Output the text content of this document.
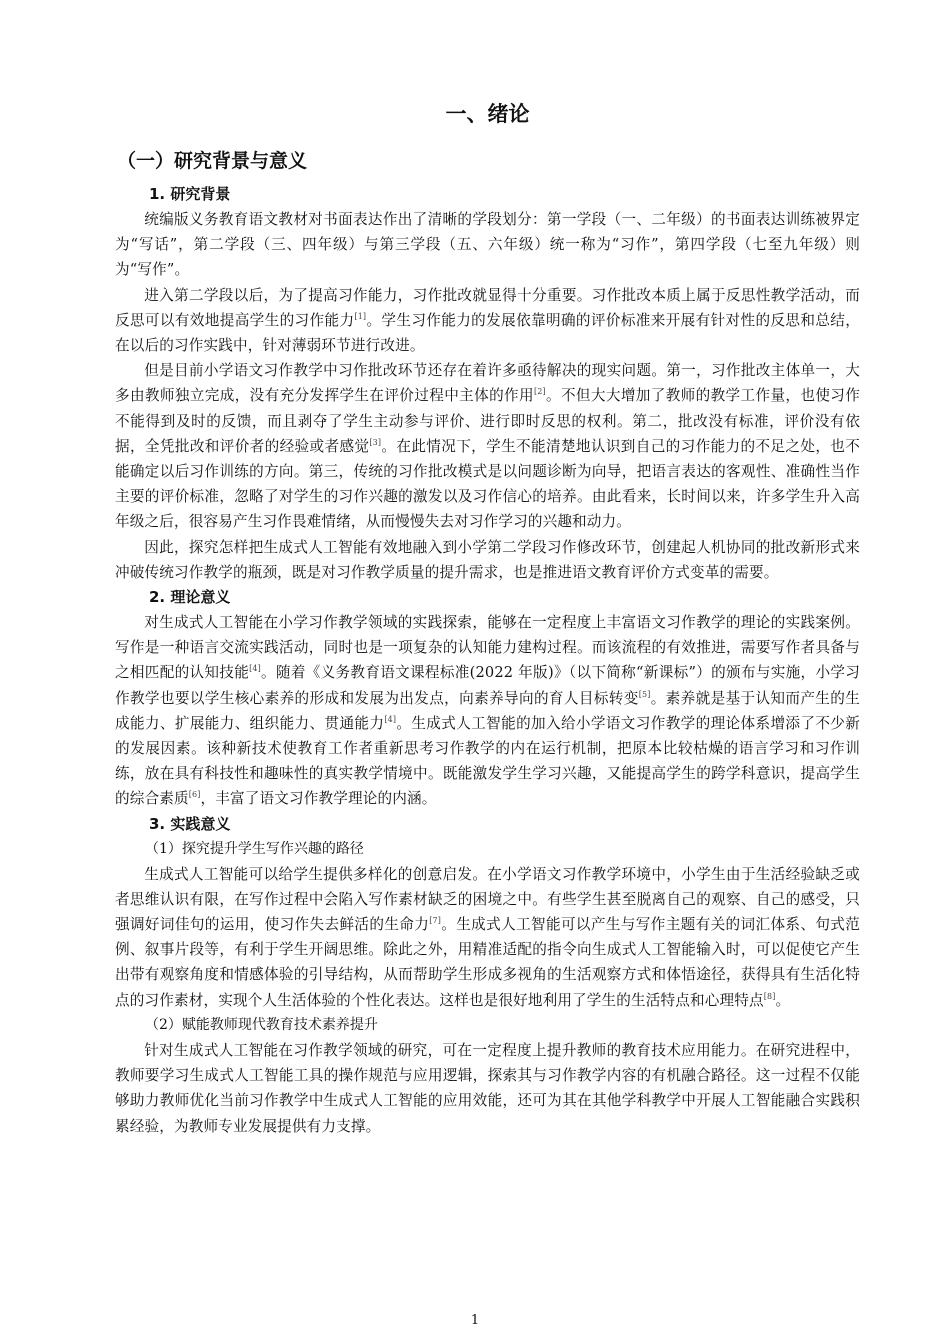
一、绪论
（一）研究背景与意义
1. 研究背景

统编版义务教育语文教材对书面表达作出了清晰的学段划分：第一学段（一、二年级）的书面表达训练被界定为“写话”，第二学段（三、四年级）与第三学段（五、六年级）统一称为“习作”，第四学段（七至九年级）则为“写作”。

进入第二学段以后，为了提高习作能力，习作批改就显得十分重要。习作批改本质上属于反思性教学活动，而反思可以有效地提高学生的习作能力[1]。学生习作能力的发展依靠明确的评价标准来开展有针对性的反思和总结，在以后的习作实践中，针对薄弱环节进行改进。

但是目前小学语文习作教学中习作批改环节还存在着许多亟待解决的现实问题。第一，习作批改主体单一，大多由教师独立完成，没有充分发挥学生在评价过程中主体的作用[2]。不但大大增加了教师的教学工作量，也使习作不能得到及时的反馈，而且剥夺了学生主动参与评价、进行即时反思的权利。第二，批改没有标准，评价没有依据，全凭批改和评价者的经验或者感觉[3]。在此情况下，学生不能清楚地认识到自己的习作能力的不足之处，也不能确定以后习作训练的方向。第三，传统的习作批改模式是以问题诊断为向导，把语言表达的客观性、准确性当作主要的评价标准，忽略了对学生的习作兴趣的激发以及习作信心的培养。由此看来，长时间以来，许多学生升入高年级之后，很容易产生习作畏难情绪，从而慢慢失去对习作学习的兴趣和动力。

因此，探究怎样把生成式人工智能有效地融入到小学第二学段习作修改环节，创建起人机协同的批改新形式来冲破传统习作教学的瓶颈，既是对习作教学质量的提升需求，也是推进语文教育评价方式变革的需要。

2. 理论意义

对生成式人工智能在小学习作教学领域的实践探索，能够在一定程度上丰富语文习作教学的理论的实践案例。写作是一种语言交流实践活动，同时也是一项复杂的认知能力建构过程。而该流程的有效推进，需要写作者具备与之相匹配的认知技能[4]。随着《义务教育语文课程标准(2022 年版)》（以下简称“新课标”）的颁布与实施，小学习作教学也要以学生核心素养的形成和发展为出发点，向素养导向的育人目标转变[5]。素养就是基于认知而产生的生成能力、扩展能力、组织能力、贯通能力[4]。生成式人工智能的加入给小学语文习作教学的理论体系增添了不少新的发展因素。该种新技术使教育工作者重新思考习作教学的内在运行机制，把原本比较枯燥的语言学习和习作训练，放在具有科技性和趣味性的真实教学情境中。既能激发学生学习兴趣，又能提高学生的跨学科意识，提高学生的综合素质[6]，丰富了语文习作教学理论的内涵。

3. 实践意义
（1）探究提升学生写作兴趣的路径

生成式人工智能可以给学生提供多样化的创意启发。在小学语文习作教学环境中，小学生由于生活经验缺乏或者思维认识有限，在写作过程中会陷入写作素材缺乏的困境之中。有些学生甚至脱离自己的观察、自己的感受，只强调好词佳句的运用，使习作失去鲜活的生命力[7]。生成式人工智能可以产生与写作主题有关的词汇体系、句式范例、叙事片段等，有利于学生开阔思维。除此之外，用精准适配的指令向生成式人工智能输入时，可以促使它产生出带有观察角度和情感体验的引导结构，从而帮助学生形成多视角的生活观察方式和体悟途径，获得具有生活化特点的习作素材，实现个人生活体验的个性化表达。这样也是很好地利用了学生的生活特点和心理特点[8]。

（2）赋能教师现代教育技术素养提升

针对生成式人工智能在习作教学领域的研究，可在一定程度上提升教师的教育技术应用能力。在研究进程中，教师要学习生成式人工智能工具的操作规范与应用逻辑，探索其与习作教学内容的有机融合路径。这一过程不仅能够助力教师优化当前习作教学中生成式人工智能的应用效能，还可为其在其他学科教学中开展人工智能融合实践积累经验，为教师专业发展提供有力支撑。

1
